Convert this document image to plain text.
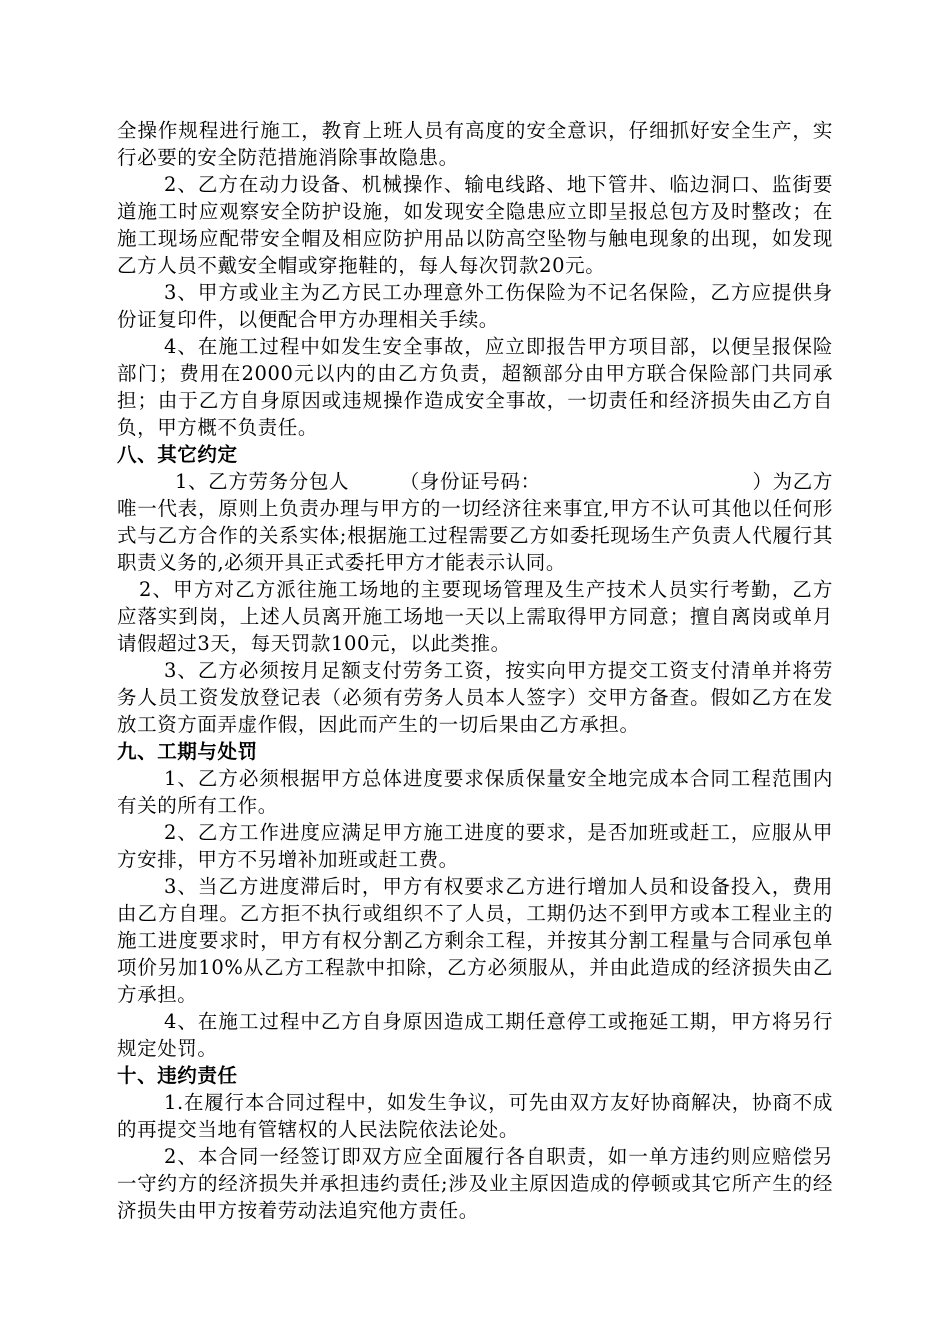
全操作规程进行施工，教育上班人员有高度的安全意识，仔细抓好安全生产，实行必要的安全防范措施消除事故隐患。

2、乙方在动力设备、机械操作、输电线路、地下管井、临边洞口、监街要道施工时应观察安全防护设施，如发现安全隐患应立即呈报总包方及时整改；在施工现场应配带安全帽及相应防护用品以防高空坠物与触电现象的出现，如发现乙方人员不戴安全帽或穿拖鞋的，每人每次罚款20元。

3、甲方或业主为乙方民工办理意外工伤保险为不记名保险，乙方应提供身份证复印件，以便配合甲方办理相关手续。

4、在施工过程中如发生安全事故，应立即报告甲方项目部，以便呈报保险部门；费用在2000元以内的由乙方负责，超额部分由甲方联合保险部门共同承担；由于乙方自身原因或违规操作造成安全事故，一切责任和经济损失由乙方自负，甲方概不负责任。

八、其它约定

1、乙方劳务分包人　　　（身份证号码：　　　　　　　　　　　）为乙方唯一代表，原则上负责办理与甲方的一切经济往来事宜,甲方不认可其他以任何形式与乙方合作的关系实体;根据施工过程需要乙方如委托现场生产负责人代履行其职责义务的,必须开具正式委托甲方才能表示认同。

2、甲方对乙方派往施工场地的主要现场管理及生产技术人员实行考勤，乙方应落实到岗，上述人员离开施工场地一天以上需取得甲方同意；擅自离岗或单月请假超过3天，每天罚款100元，以此类推。

3、乙方必须按月足额支付劳务工资，按实向甲方提交工资支付清单并将劳务人员工资发放登记表（必须有劳务人员本人签字）交甲方备查。假如乙方在发放工资方面弄虚作假，因此而产生的一切后果由乙方承担。

九、工期与处罚

1、乙方必须根据甲方总体进度要求保质保量安全地完成本合同工程范围内有关的所有工作。

2、乙方工作进度应满足甲方施工进度的要求，是否加班或赶工，应服从甲方安排，甲方不另增补加班或赶工费。

3、当乙方进度滞后时，甲方有权要求乙方进行增加人员和设备投入，费用由乙方自理。乙方拒不执行或组织不了人员，工期仍达不到甲方或本工程业主的施工进度要求时，甲方有权分割乙方剩余工程，并按其分割工程量与合同承包单项价另加10%从乙方工程款中扣除，乙方必须服从，并由此造成的经济损失由乙方承担。

4、在施工过程中乙方自身原因造成工期任意停工或拖延工期，甲方将另行规定处罚。

十、违约责任

1.在履行本合同过程中，如发生争议，可先由双方友好协商解决，协商不成的再提交当地有管辖权的人民法院依法论处。

2、本合同一经签订即双方应全面履行各自职责，如一单方违约则应赔偿另一守约方的经济损失并承担违约责任;涉及业主原因造成的停顿或其它所产生的经济损失由甲方按着劳动法追究他方责任。
